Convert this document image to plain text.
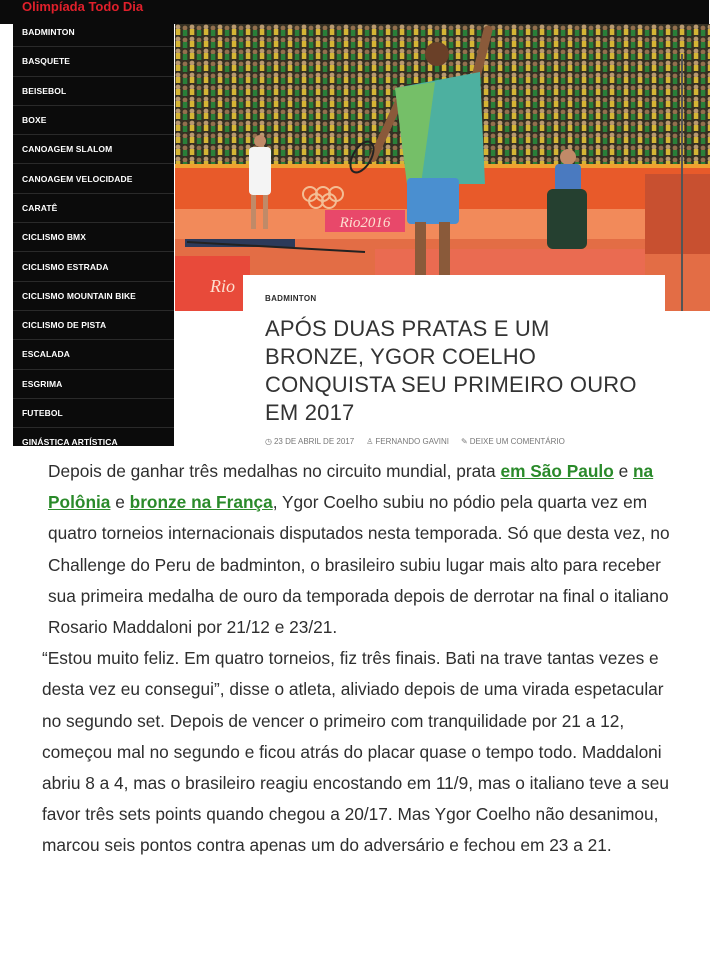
BADMINTON
BASQUETE
BEISEBOL
BOXE
CANOAGEM SLALOM
CANOAGEM VELOCIDADE
CARATÊ
CICLISMO BMX
CICLISMO ESTRADA
CICLISMO MOUNTAIN BIKE
CICLISMO DE PISTA
ESCALADA
ESGRIMA
FUTEBOL
GINÁSTICA ARTÍSTICA
Olimpíada Todo Dia
Rio2016
Rio
BADMINTON
APÓS DUAS PRATAS E UM BRONZE, YGOR COELHO CONQUISTA SEU PRIMEIRO OURO EM 2017
◷ 23 DE ABRIL DE 2017 ♙ FERNANDO GAVINI ✎ DEIXE UM COMENTÁRIO

Depois de ganhar três medalhas no circuito mundial, prata em São Paulo e na Polônia e bronze na França, Ygor Coelho subiu no pódio pela quarta vez em quatro torneios internacionais disputados nesta temporada. Só que desta vez, no Challenge do Peru de badminton, o brasileiro subiu lugar mais alto para receber sua primeira medalha de ouro da temporada depois de derrotar na final o italiano Rosario Maddaloni por 21/12 e 23/21.

“Estou muito feliz. Em quatro torneios, fiz três finais. Bati na trave tantas vezes e desta vez eu consegui”, disse o atleta, aliviado depois de uma virada espetacular no segundo set. Depois de vencer o primeiro com tranquilidade por 21 a 12, começou mal no segundo e ficou atrás do placar quase o tempo todo. Maddaloni abriu 8 a 4, mas o brasileiro reagiu encostando em 11/9, mas o italiano teve a seu favor três sets points quando chegou a 20/17. Mas Ygor Coelho não desanimou, marcou seis pontos contra apenas um do adversário e fechou em 23 a 21.
